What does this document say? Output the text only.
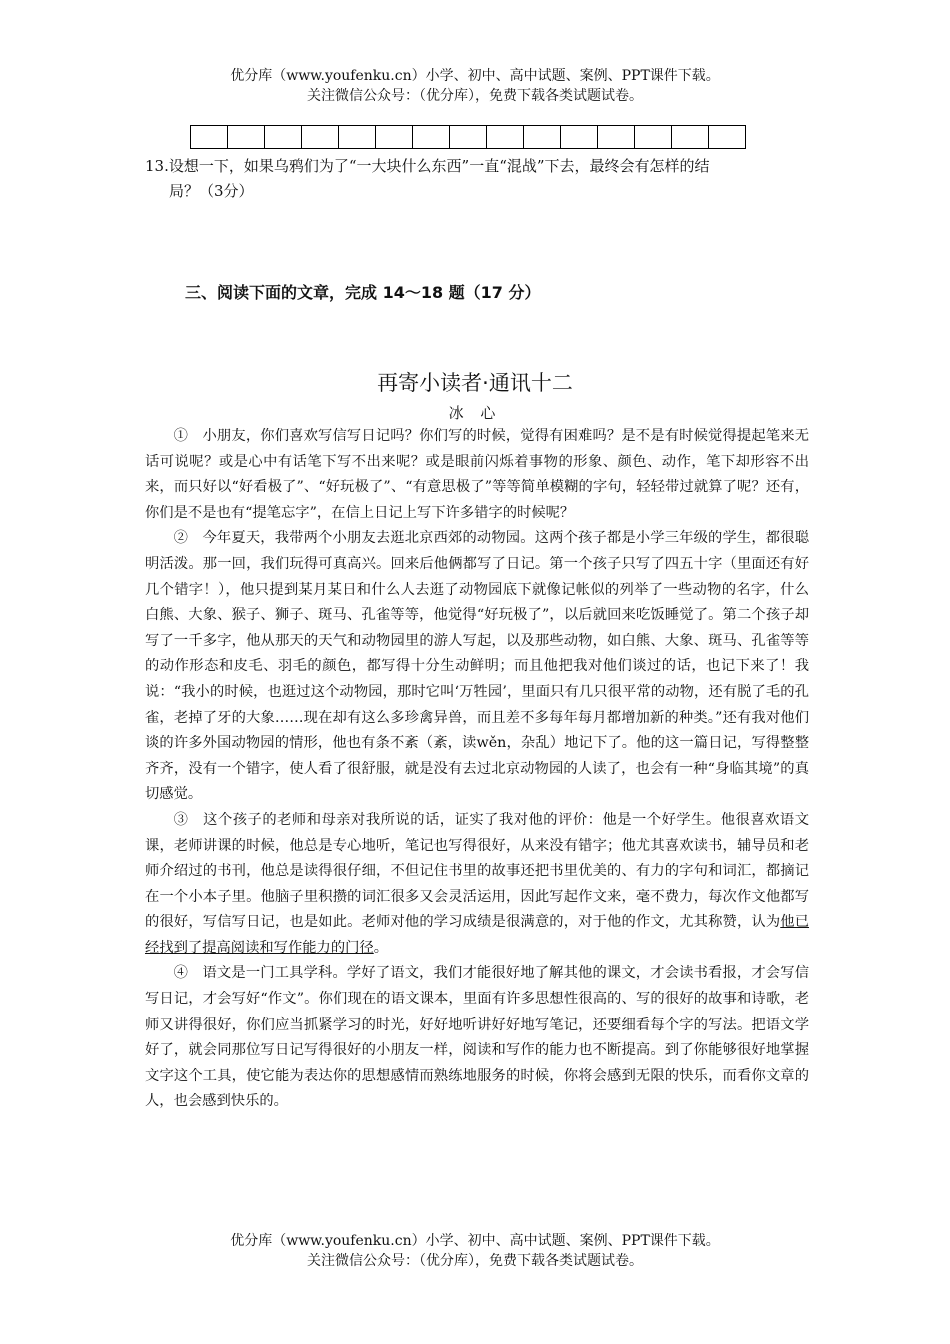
优分库（www.youfenku.cn）小学、初中、高中试题、案例、PPT课件下载。
关注微信公众号：（优分库），免费下载各类试题试卷。
13.设想一下，如果乌鸦们为了“一大块什么东西”一直“混战”下去，最终会有怎样的结
局？（3分）
三、阅读下面的文章，完成 14～18 题（17 分）
再寄小读者·通讯十二
冰 心

①　小朋友，你们喜欢写信写日记吗？你们写的时候，觉得有困难吗？是不是有时候觉得提起笔来无话可说呢？或是心中有话笔下写不出来呢？或是眼前闪烁着事物的形象、颜色、动作，笔下却形容不出来，而只好以“好看极了”、“好玩极了”、“有意思极了”等等简单模糊的字句，轻轻带过就算了呢？还有，你们是不是也有“提笔忘字”，在信上日记上写下许多错字的时候呢？

②　今年夏天，我带两个小朋友去逛北京西郊的动物园。这两个孩子都是小学三年级的学生，都很聪明活泼。那一回，我们玩得可真高兴。回来后他俩都写了日记。第一个孩子只写了四五十字（里面还有好几个错字！），他只提到某月某日和什么人去逛了动物园底下就像记帐似的列举了一些动物的名字，什么白熊、大象、猴子、狮子、斑马、孔雀等等，他觉得“好玩极了”，以后就回来吃饭睡觉了。第二个孩子却写了一千多字，他从那天的天气和动物园里的游人写起，以及那些动物，如白熊、大象、斑马、孔雀等等的动作形态和皮毛、羽毛的颜色，都写得十分生动鲜明；而且他把我对他们谈过的话，也记下来了！我说：“我小的时候，也逛过这个动物园，那时它叫‘万牲园’，里面只有几只很平常的动物，还有脱了毛的孔雀，老掉了牙的大象……现在却有这么多珍禽异兽，而且差不多每年每月都增加新的种类。”还有我对他们谈的许多外国动物园的情形，他也有条不紊（紊，读wěn，杂乱）地记下了。他的这一篇日记，写得整整齐齐，没有一个错字，使人看了很舒服，就是没有去过北京动物园的人读了，也会有一种“身临其境”的真切感觉。

③　这个孩子的老师和母亲对我所说的话，证实了我对他的评价：他是一个好学生。他很喜欢语文课，老师讲课的时候，他总是专心地听，笔记也写得很好，从来没有错字；他尤其喜欢读书，辅导员和老师介绍过的书刊，他总是读得很仔细，不但记住书里的故事还把书里优美的、有力的字句和词汇，都摘记在一个小本子里。他脑子里积攒的词汇很多又会灵活运用，因此写起作文来，毫不费力，每次作文他都写的很好，写信写日记，也是如此。老师对他的学习成绩是很满意的，对于他的作文，尤其称赞，认为他已经找到了提高阅读和写作能力的门径。

④　语文是一门工具学科。学好了语文，我们才能很好地了解其他的课文，才会读书看报，才会写信写日记，才会写好“作文”。你们现在的语文课本，里面有许多思想性很高的、写的很好的故事和诗歌，老师又讲得很好，你们应当抓紧学习的时光，好好地听讲好好地写笔记，还要细看每个字的写法。把语文学好了，就会同那位写日记写得很好的小朋友一样，阅读和写作的能力也不断提高。到了你能够很好地掌握文字这个工具，使它能为表达你的思想感情而熟练地服务的时候，你将会感到无限的快乐，而看你文章的人，也会感到快乐的。

优分库（www.youfenku.cn）小学、初中、高中试题、案例、PPT课件下载。
关注微信公众号：（优分库），免费下载各类试题试卷。
